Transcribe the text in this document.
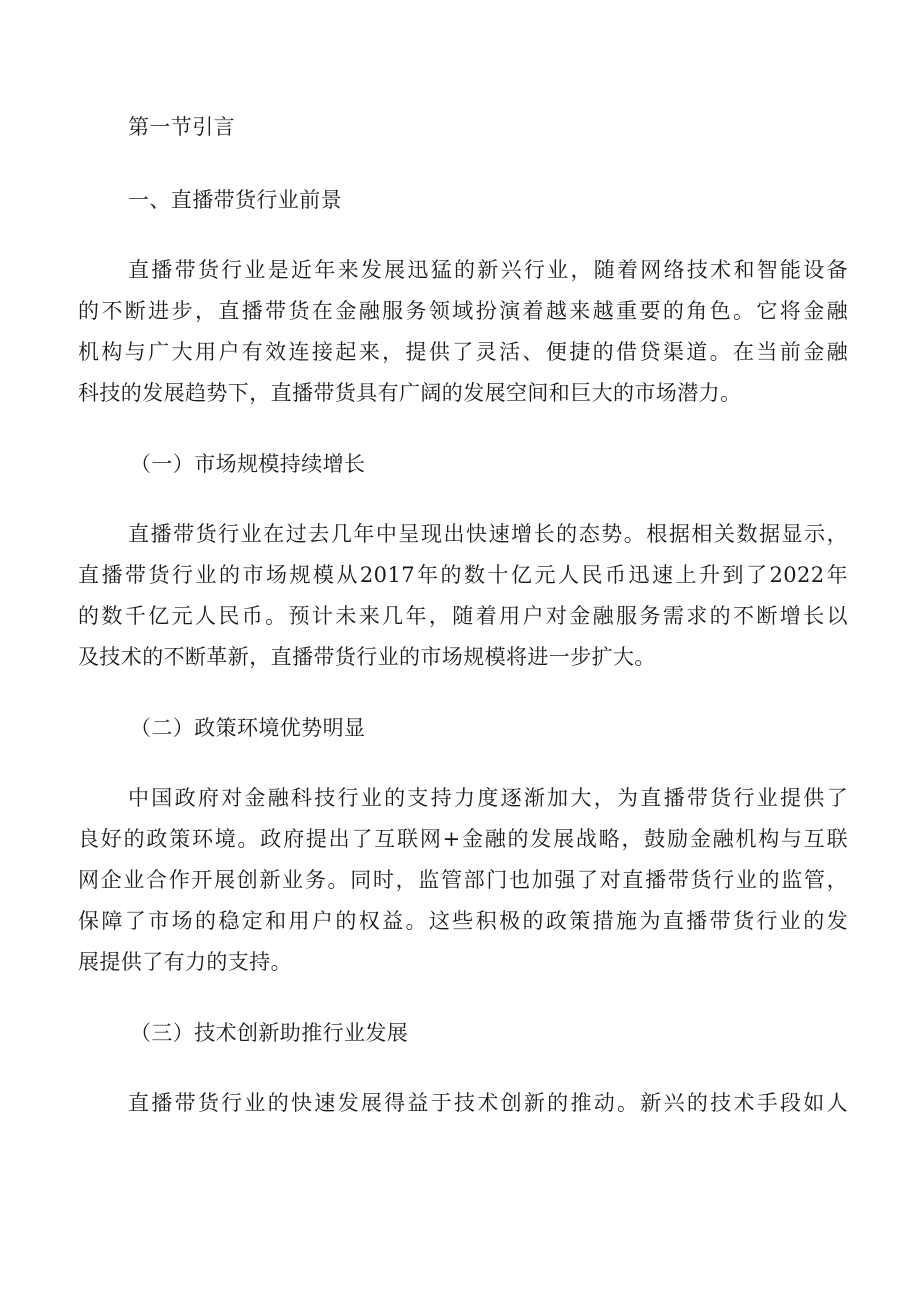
第一节引言
一、直播带货行业前景

直播带货行业是近年来发展迅猛的新兴行业，随着网络技术和智能设备
的不断进步，直播带货在金融服务领域扮演着越来越重要的角色。它将金融
机构与广大用户有效连接起来，提供了灵活、便捷的借贷渠道。在当前金融
科技的发展趋势下，直播带货具有广阔的发展空间和巨大的市场潜力。

（一）市场规模持续增长

直播带货行业在过去几年中呈现出快速增长的态势。根据相关数据显示，
直播带货行业的市场规模从2017年的数十亿元人民币迅速上升到了2022年
的数千亿元人民币。预计未来几年，随着用户对金融服务需求的不断增长以
及技术的不断革新，直播带货行业的市场规模将进一步扩大。

（二）政策环境优势明显

中国政府对金融科技行业的支持力度逐渐加大，为直播带货行业提供了
良好的政策环境。政府提出了互联网+金融的发展战略，鼓励金融机构与互联
网企业合作开展创新业务。同时，监管部门也加强了对直播带货行业的监管，
保障了市场的稳定和用户的权益。这些积极的政策措施为直播带货行业的发
展提供了有力的支持。

（三）技术创新助推行业发展

直播带货行业的快速发展得益于技术创新的推动。新兴的技术手段如人
